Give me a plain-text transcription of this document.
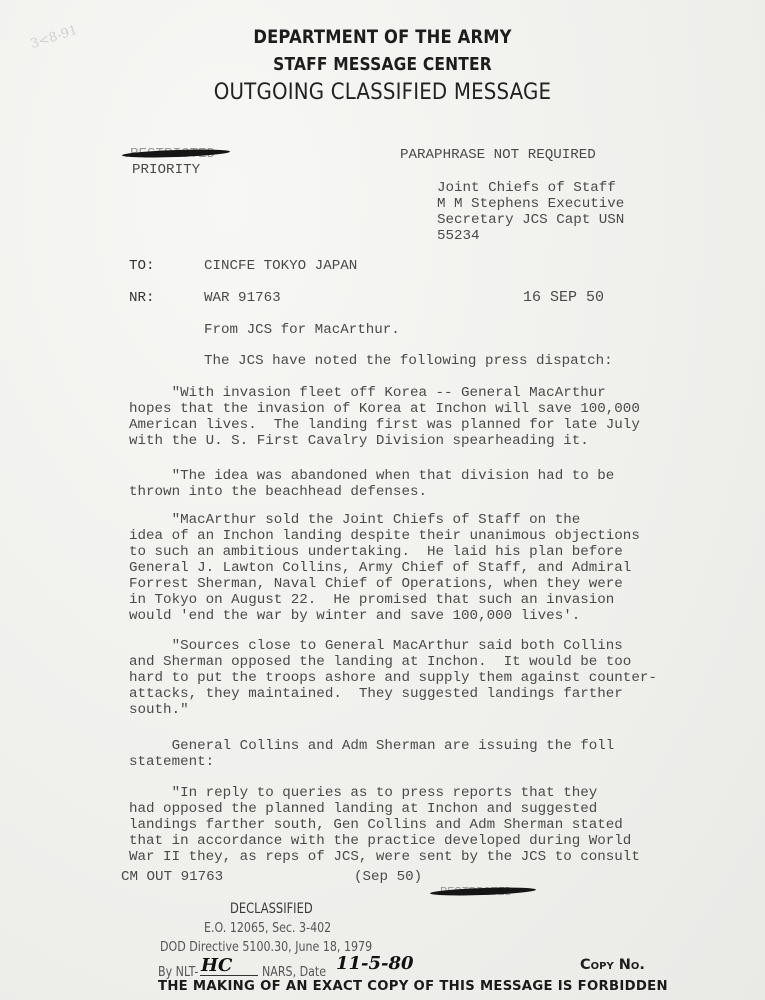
3<8-91	DEPARTMENT OF THE ARMY
STAFF MESSAGE CENTER
OUTGOING CLASSIFIED MESSAGE
PRIORITY
PARAPHRASE NOT REQUIRED
Joint Chiefs of Staff
M M Stephens Executive
Secretary JCS Capt USN
55234
TO:	CINCFE TOKYO JAPAN
NR:	WAR 91763	16 SEP 50
From JCS for MacArthur.
The JCS have noted the following press dispatch:
"With invasion fleet off Korea -- General MacArthur
hopes that the invasion of Korea at Inchon will save 100,000
American lives.  The landing first was planned for late July
with the U. S. First Cavalry Division spearheading it.
"The idea was abandoned when that division had to be
thrown into the beachhead defenses.
"MacArthur sold the Joint Chiefs of Staff on the
idea of an Inchon landing despite their unanimous objections
to such an ambitious undertaking.  He laid his plan before
General J. Lawton Collins, Army Chief of Staff, and Admiral
Forrest Sherman, Naval Chief of Operations, when they were
in Tokyo on August 22.  He promised that such an invasion
would 'end the war by winter and save 100,000 lives'.
"Sources close to General MacArthur said both Collins
and Sherman opposed the landing at Inchon.  It would be too
hard to put the troops ashore and supply them against counter-
attacks, they maintained.  They suggested landings farther
south."
General Collins and Adm Sherman are issuing the foll
statement:
"In reply to queries as to press reports that they
had opposed the planned landing at Inchon and suggested
landings farther south, Gen Collins and Adm Sherman stated
that in accordance with the practice developed during World
War II they, as reps of JCS, were sent by the JCS to consult
CM OUT 91763	(Sep 50)
DECLASSIFIED
E.O. 12065, Sec. 3-402
DOD Directive 5100.30, June 18, 1979
By NLT- HC NARS, Date 11-5-80	Copy No.
THE MAKING OF AN EXACT COPY OF THIS MESSAGE IS FORBIDDEN
